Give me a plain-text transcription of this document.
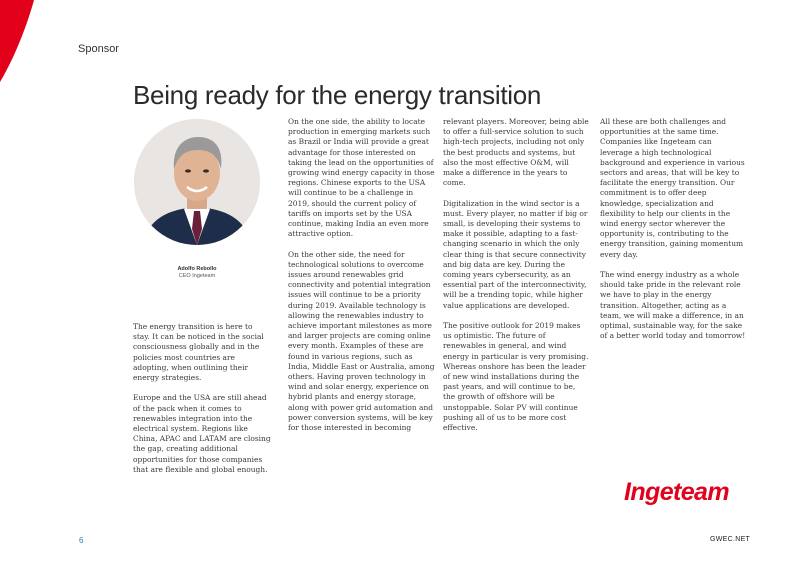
Sponsor
Being ready for the energy transition
Adolfo Rebollo
CEO Ingeteam

The energy transition is here to stay. It can be noticed in the social consciousness globally and in the policies most countries are adopting, when outlining their energy strategies.

Europe and the USA are still ahead of the pack when it comes to renewables integration into the electrical system. Regions like China, APAC and LATAM are closing the gap, creating additional opportunities for those companies that are flexible and global enough.

On the one side, the ability to locate production in emerging markets such as Brazil or India will provide a great advantage for those interested on taking the lead on the opportunities of growing wind energy capacity in those regions. Chinese exports to the USA will continue to be a challenge in 2019, should the current policy of tariffs on imports set by the USA continue, making India an even more attractive option.

On the other side, the need for technological solutions to overcome issues around renewables grid connectivity and potential integration issues will continue to be a priority during 2019. Available technology is allowing the renewables industry to achieve important milestones as more and larger projects are coming online every month. Examples of these are found in various regions, such as India, Middle East or Australia, among others. Having proven technology in wind and solar energy, experience on hybrid plants and energy storage, along with power grid automation and power conversion systems, will be key for those interested in becoming

relevant players. Moreover, being able to offer a full-service solution to such high-tech projects, including not only the best products and systems, but also the most effective O&M, will make a difference in the years to come.

Digitalization in the wind sector is a must. Every player, no matter if big or small, is developing their systems to make it possible, adapting to a fast-changing scenario in which the only clear thing is that secure connectivity and big data are key. During the coming years cybersecurity, as an essential part of the interconnectivity, will be a trending topic, while higher value applications are developed.

The positive outlook for 2019 makes us optimistic. The future of renewables in general, and wind energy in particular is very promising. Whereas onshore has been the leader of new wind installations during the past years, and will continue to be, the growth of offshore will be unstoppable. Solar PV will continue pushing all of us to be more cost effective.

All these are both challenges and opportunities at the same time. Companies like Ingeteam can leverage a high technological background and experience in various sectors and areas, that will be key to facilitate the energy transition. Our commitment is to offer deep knowledge, specialization and flexibility to help our clients in the wind energy sector wherever the opportunity is, contributing to the energy transition, gaining momentum every day.

The wind energy industry as a whole should take pride in the relevant role we have to play in the energy transition. Altogether, acting as a team, we will make a difference, in an optimal, sustainable way, for the sake of a better world today and tomorrow!

Ingeteam
6	GWEC.NET
